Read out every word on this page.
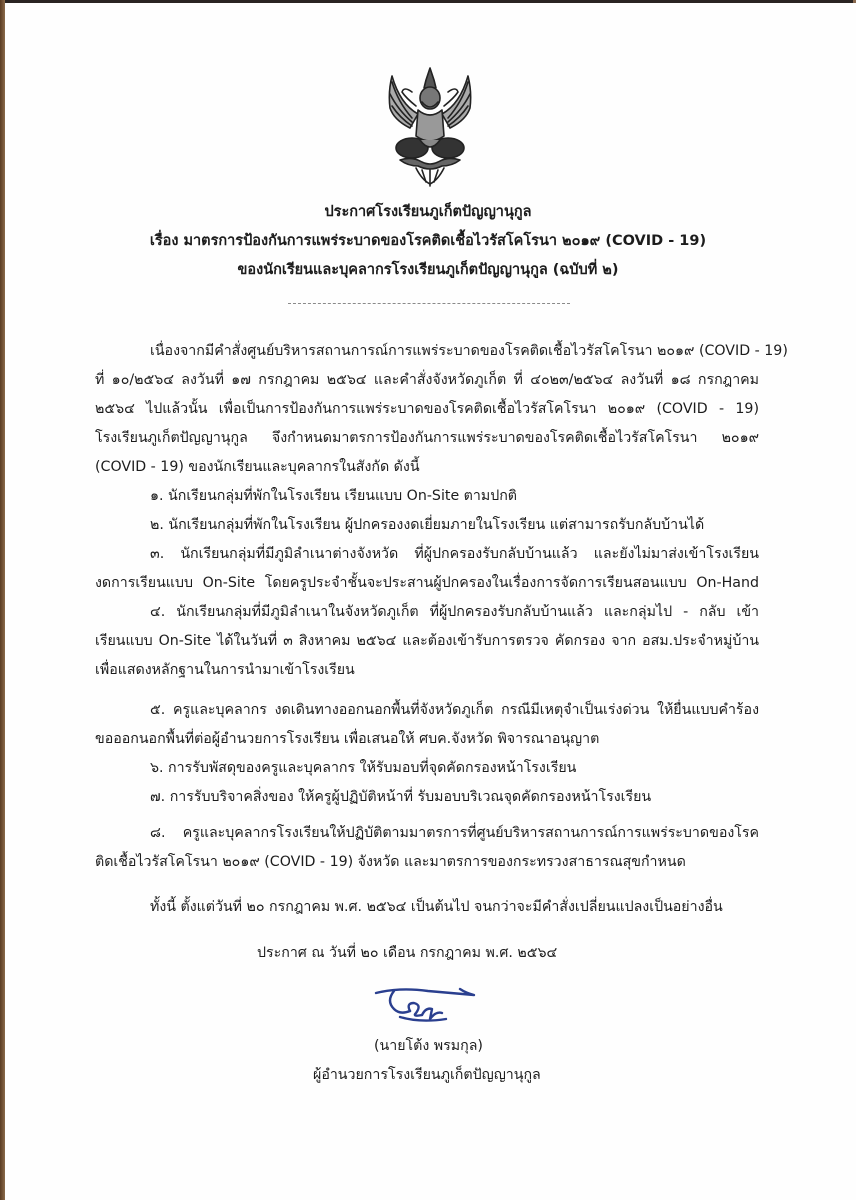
ประกาศโรงเรียนภูเก็ตปัญญานุกูล
เรื่อง มาตรการป้องกันการแพร่ระบาดของโรคติดเชื้อไวรัสโคโรนา ๒๐๑๙ (COVID - 19)
ของนักเรียนและบุคลากรโรงเรียนภูเก็ตปัญญานุกูล (ฉบับที่ ๒)
เนื่องจากมีคำสั่งศูนย์บริหารสถานการณ์การแพร่ระบาดของโรคติดเชื้อไวรัสโคโรนา ๒๐๑๙ (COVID - 19)
ที่ ๑๐/๒๕๖๔ ลงวันที่ ๑๗ กรกฎาคม ๒๕๖๔ และคำสั่งจังหวัดภูเก็ต ที่ ๔๐๒๓/๒๕๖๔ ลงวันที่ ๑๘ กรกฎาคม
๒๕๖๔ ไปแล้วนั้น เพื่อเป็นการป้องกันการแพร่ระบาดของโรคติดเชื้อไวรัสโคโรนา ๒๐๑๙ (COVID - 19)
โรงเรียนภูเก็ตปัญญานุกูล จึงกำหนดมาตรการป้องกันการแพร่ระบาดของโรคติดเชื้อไวรัสโคโรนา ๒๐๑๙
(COVID - 19) ของนักเรียนและบุคลากรในสังกัด ดังนี้
๑. นักเรียนกลุ่มที่พักในโรงเรียน เรียนแบบ On-Site ตามปกติ
๒. นักเรียนกลุ่มที่พักในโรงเรียน ผู้ปกครองงดเยี่ยมภายในโรงเรียน แต่สามารถรับกลับบ้านได้
๓. นักเรียนกลุ่มที่มีภูมิลำเนาต่างจังหวัด ที่ผู้ปกครองรับกลับบ้านแล้ว และยังไม่มาส่งเข้าโรงเรียน
งดการเรียนแบบ On-Site โดยครูประจำชั้นจะประสานผู้ปกครองในเรื่องการจัดการเรียนสอนแบบ On-Hand
๔. นักเรียนกลุ่มที่มีภูมิลำเนาในจังหวัดภูเก็ต ที่ผู้ปกครองรับกลับบ้านแล้ว และกลุ่มไป - กลับ เข้า
เรียนแบบ On-Site ได้ในวันที่ ๓ สิงหาคม ๒๕๖๔ และต้องเข้ารับการตรวจ คัดกรอง จาก อสม.ประจำหมู่บ้าน
เพื่อแสดงหลักฐานในการนำมาเข้าโรงเรียน
๕. ครูและบุคลากร งดเดินทางออกนอกพื้นที่จังหวัดภูเก็ต กรณีมีเหตุจำเป็นเร่งด่วน ให้ยื่นแบบคำร้อง
ขอออกนอกพื้นที่ต่อผู้อำนวยการโรงเรียน เพื่อเสนอให้ ศบค.จังหวัด พิจารณาอนุญาต
๖. การรับพัสดุของครูและบุคลากร ให้รับมอบที่จุดคัดกรองหน้าโรงเรียน
๗. การรับบริจาคสิ่งของ ให้ครูผู้ปฏิบัติหน้าที่ รับมอบบริเวณจุดคัดกรองหน้าโรงเรียน
๘. ครูและบุคลากรโรงเรียนให้ปฏิบัติตามมาตรการที่ศูนย์บริหารสถานการณ์การแพร่ระบาดของโรค
ติดเชื้อไวรัสโคโรนา ๒๐๑๙ (COVID - 19) จังหวัด และมาตรการของกระทรวงสาธารณสุขกำหนด
ทั้งนี้ ตั้งแต่วันที่ ๒๐ กรกฎาคม พ.ศ. ๒๕๖๔ เป็นต้นไป จนกว่าจะมีคำสั่งเปลี่ยนแปลงเป็นอย่างอื่น
ประกาศ ณ วันที่ ๒๐ เดือน กรกฎาคม พ.ศ. ๒๕๖๔
(นายโต้ง พรมกุล)
ผู้อำนวยการโรงเรียนภูเก็ตปัญญานุกูล
